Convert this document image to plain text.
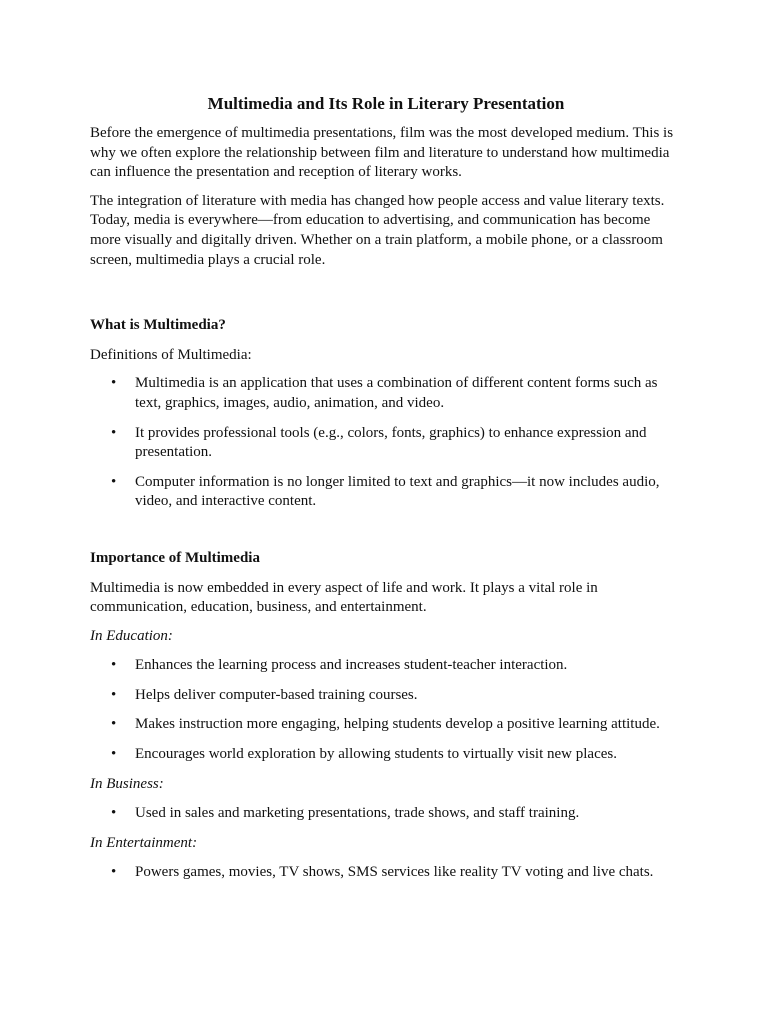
Multimedia and Its Role in Literary Presentation

Before the emergence of multimedia presentations, film was the most developed medium. This is why we often explore the relationship between film and literature to understand how multimedia can influence the presentation and reception of literary works.

The integration of literature with media has changed how people access and value literary texts. Today, media is everywhere—from education to advertising, and communication has become more visually and digitally driven. Whether on a train platform, a mobile phone, or a classroom screen, multimedia plays a crucial role.

What is Multimedia?

Definitions of Multimedia:

• Multimedia is an application that uses a combination of different content forms such as text, graphics, images, audio, animation, and video.
• It provides professional tools (e.g., colors, fonts, graphics) to enhance expression and presentation.
• Computer information is no longer limited to text and graphics—it now includes audio, video, and interactive content.
Importance of Multimedia

Multimedia is now embedded in every aspect of life and work. It plays a vital role in communication, education, business, and entertainment.

In Education:
• Enhances the learning process and increases student-teacher interaction.
• Helps deliver computer-based training courses.
• Makes instruction more engaging, helping students develop a positive learning attitude.
• Encourages world exploration by allowing students to virtually visit new places.
In Business:
• Used in sales and marketing presentations, trade shows, and staff training.
In Entertainment:
• Powers games, movies, TV shows, SMS services like reality TV voting and live chats.
